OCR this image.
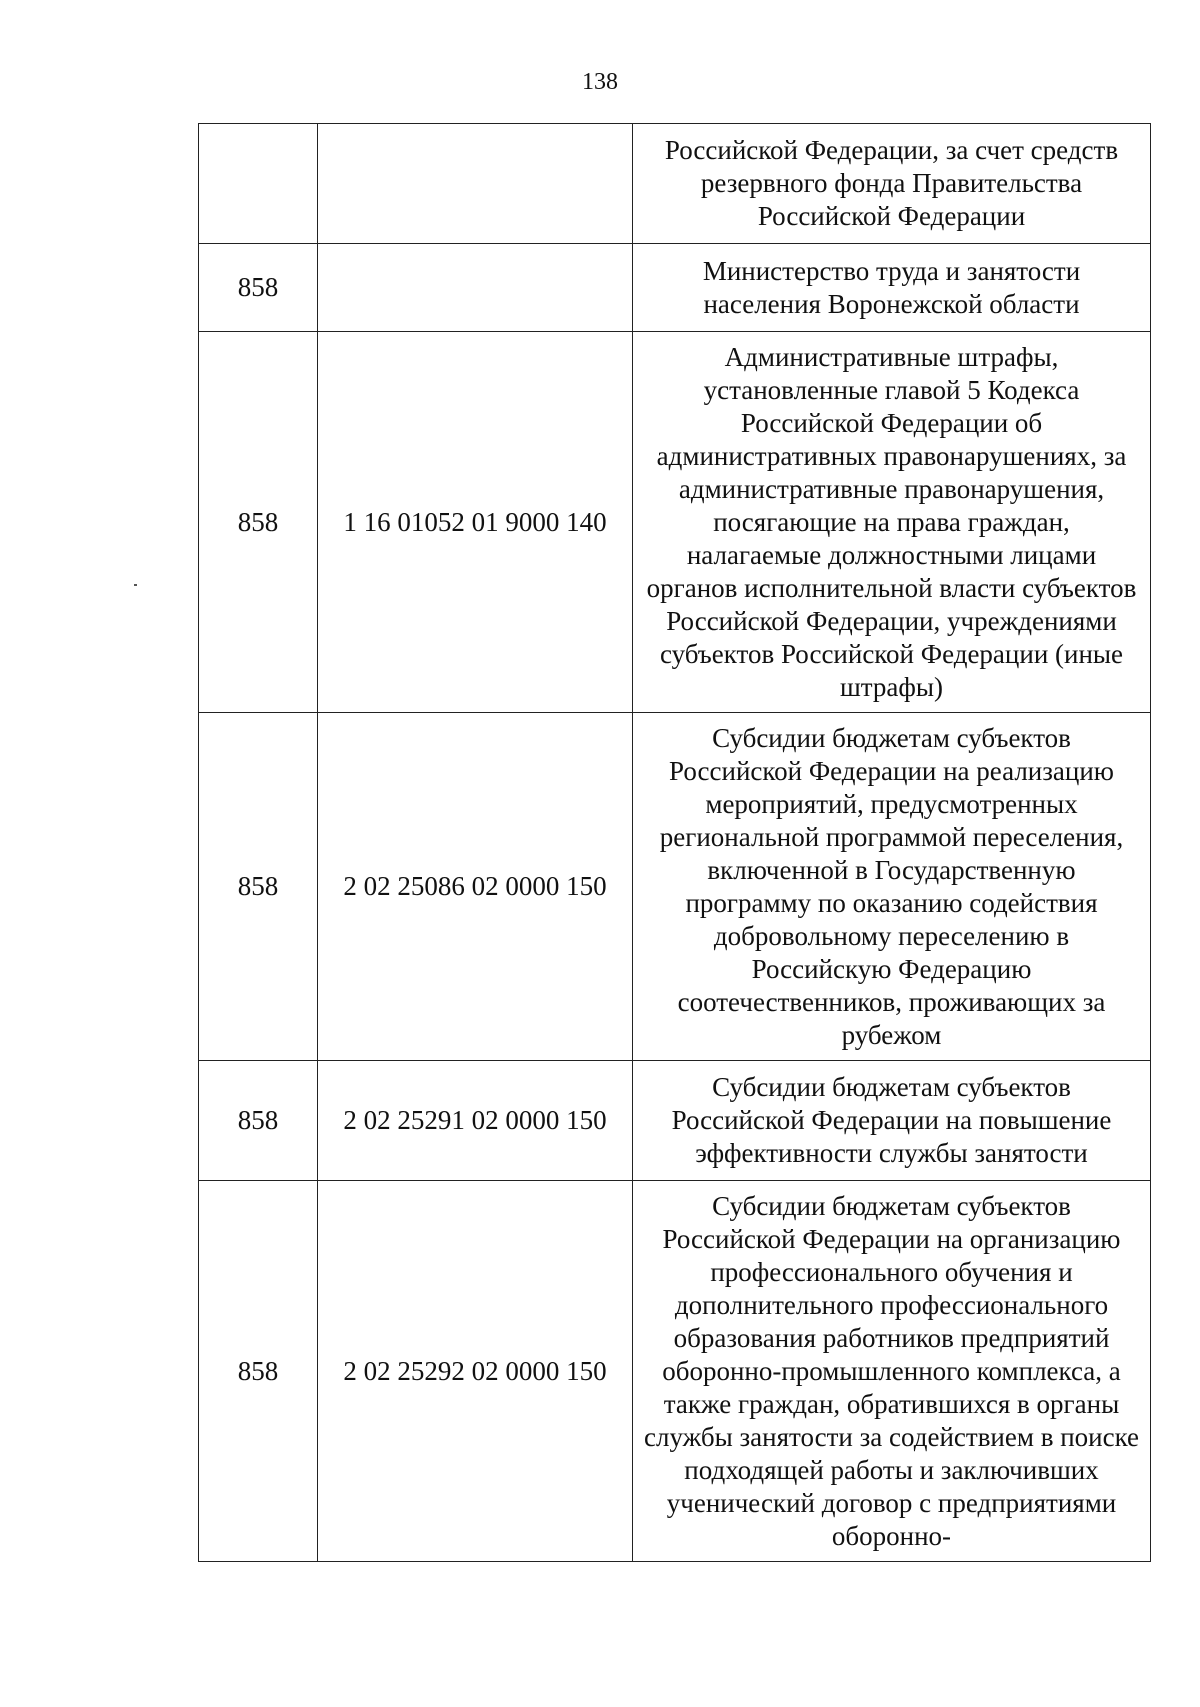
138
		Российской Федерации, за счет средств резервного фонда Правительства Российской Федерации
858		Министерство труда и занятости населения Воронежской области
858	1 16 01052 01 9000 140	Административные штрафы, установленные главой 5 Кодекса Российской Федерации об административных правонарушениях, за административные правонарушения, посягающие на права граждан, налагаемые должностными лицами органов исполнительной власти субъектов Российской Федерации, учреждениями субъектов Российской Федерации (иные штрафы)
858	2 02 25086 02 0000 150	Субсидии бюджетам субъектов Российской Федерации на реализацию мероприятий, предусмотренных региональной программой переселения, включенной в Государственную программу по оказанию содействия добровольному переселению в Российскую Федерацию соотечественников, проживающих за рубежом
858	2 02 25291 02 0000 150	Субсидии бюджетам субъектов Российской Федерации на повышение эффективности службы занятости
858	2 02 25292 02 0000 150	Субсидии бюджетам субъектов Российской Федерации на организацию профессионального обучения и дополнительного профессионального образования работников предприятий оборонно-промышленного комплекса, а также граждан, обратившихся в органы службы занятости за содействием в поиске подходящей работы и заключивших ученический договор с предприятиями оборонно-
